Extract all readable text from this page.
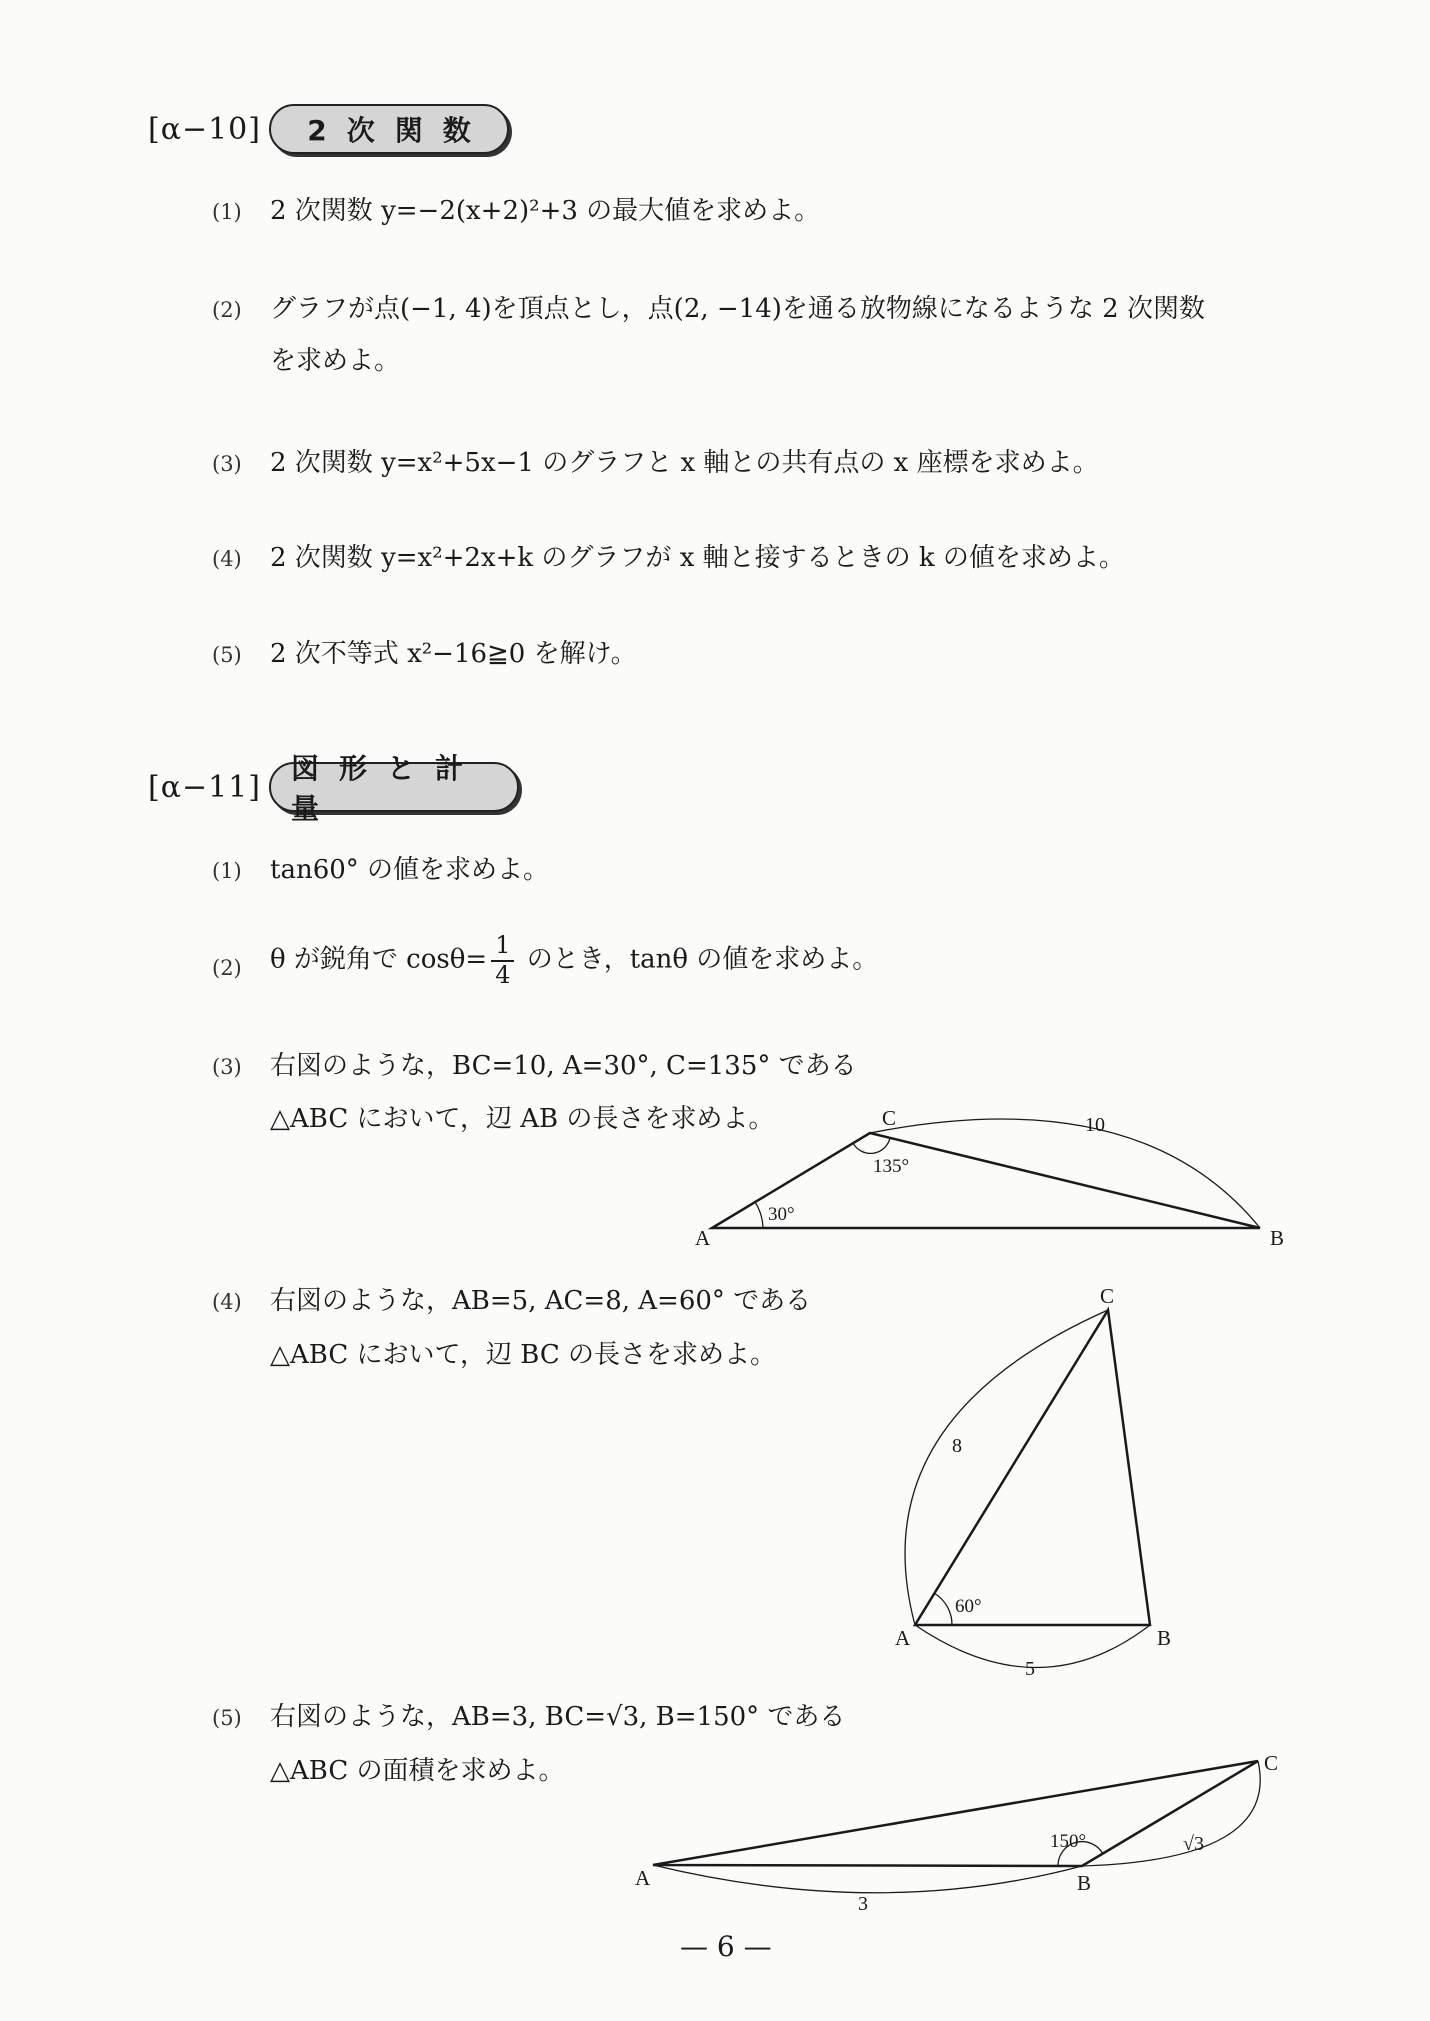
[α−10]	2次関数
(1) 2 次関数 y=−2(x+2)²+3 の最大値を求めよ。
(2) グラフが点(−1, 4)を頂点とし，点(2, −14)を通る放物線になるような 2 次関数
を求めよ。
(3) 2 次関数 y=x²+5x−1 のグラフと x 軸との共有点の x 座標を求めよ。
(4) 2 次関数 y=x²+2x+k のグラフが x 軸と接するときの k の値を求めよ。
(5) 2 次不等式 x²−16≧0 を解け。
[α−11]
図形と計量
(1) tan60° の値を求めよ。
(2) θ が鋭角で $\cos\theta= \frac{1}{4}$ のとき，tanθ の値を求めよ。
(3) 右図のような，BC=10, A=30°, C=135° である
△ABC において，辺 AB の長さを求めよ。
A	B
C	10
30°
135°
(4) 右図のような，AB=5, AC=8, A=60° である
△ABC において，辺 BC の長さを求めよ。
A	B
C
8
5
60°
(5) 右図のような，AB=3, BC=√3, B=150° である
△ABC の面積を求めよ。
A	B
C
3
√3
150°
— 6 —
